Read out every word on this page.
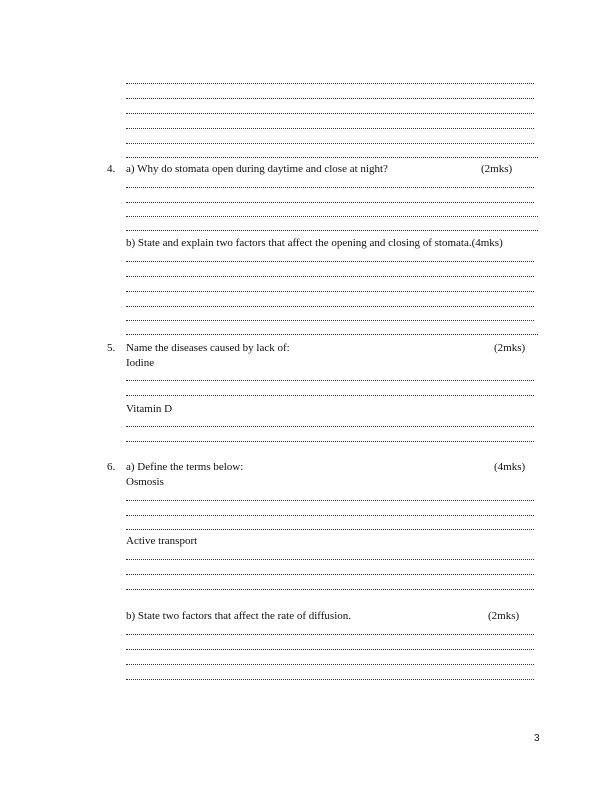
4. a) Why do stomata open during daytime and close at night?	(2mks)
b) State and explain two factors that affect the opening and closing of stomata.(4mks)
5. Name the diseases caused by lack of:	(2mks)
Iodine
Vitamin D
6. a) Define the terms below:	(4mks)
Osmosis
Active transport
b) State two factors that affect the rate of diffusion.	(2mks)
3
